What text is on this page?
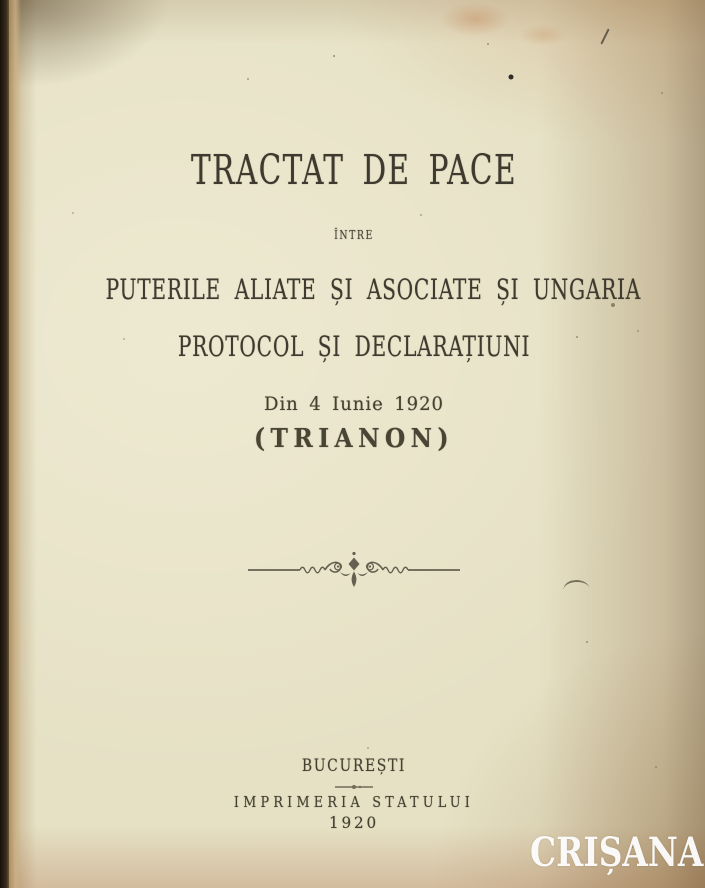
TRACTAT DE PACE
ÎNTRE
PUTERILE ALIATE ȘI ASOCIATE ȘI UNGARIA
PROTOCOL ȘI DECLARAȚIUNI
Din 4 Iunie 1920
(TRIANON)
BUCUREȘTI
IMPRIMERIA STATULUI
1920
CRIȘANA
